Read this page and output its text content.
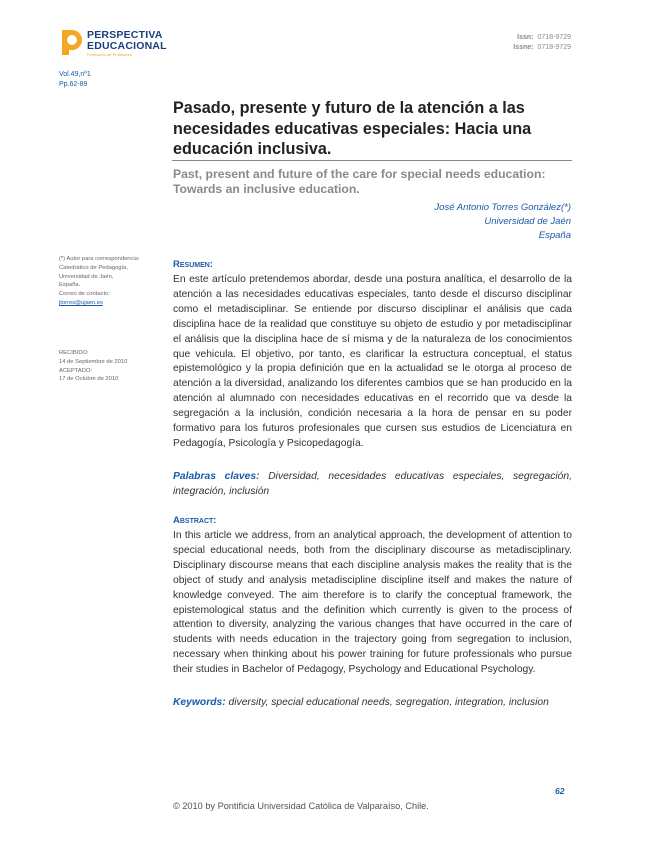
PERSPECTIVA
EDUCACIONAL
Formación de Profesores
Issn: 0718-9729
Issne: 0718-9729
Vol.49,nº1
Pp.62-89
Pasado, presente y futuro de la atención a las necesidades educativas especiales: Hacia una educación inclusiva.
Past, present and future of the care for special needs education: Towards an inclusive education.
José Antonio Torres González(*)
Universidad de Jaén
España
(*) Autor para correspondencia:
Catedrático de Pedagogía,
Universidad de Jaén,
España.
Correo de contacto:
jtorres@ujaen.es
RECIBIDO:
14 de Septiembre de 2010
ACEPTADO:
17 de Octubre de 2010
Resumen:
En este artículo pretendemos abordar, desde una postura analítica, el desarrollo de la atención a las necesidades educativas especiales, tanto desde el discurso disciplinar como el metadisciplinar. Se entiende por discurso disciplinar el análisis que cada disciplina hace de la realidad que constituye su objeto de estudio y por metadisciplinar el análisis que la disciplina hace de sí misma y de la naturaleza de los conocimientos que vehicula. El objetivo, por tanto, es clarificar la estructura conceptual, el status epistemológico y la propia definición que en la actualidad se le otorga al proceso de atención a la diversidad, analizando los diferentes cambios que se han producido en la atención al alumnado con necesidades educativas en el recorrido que va desde la segregación a la inclusión, condición necesaria a la hora de pensar en su poder formativo para los futuros profesionales que cursen sus estudios de Licenciatura en Pedagogía, Psicología y Psicopedagogía.
Palabras claves: Diversidad, necesidades educativas especiales, segregación, integración, inclusión
Abstract:
In this article we address, from an analytical approach, the development of attention to special educational needs, both from the disciplinary discourse as metadisciplinary. Disciplinary discourse means that each discipline analysis makes the reality that is the object of study and analysis metadiscipline discipline itself and makes the nature of knowledge conveyed. The aim therefore is to clarify the conceptual framework, the epistemological status and the definition which currently is given to the process of attention to diversity, analyzing the various changes that have occurred in the care of students with needs education in the trajectory going from segregation to inclusion, necessary when thinking about his power training for future professionals who pursue their studies in Bachelor of Pedagogy, Psychology and Educational Psychology.
Keywords: diversity, special educational needs, segregation, integration, inclusion
62
© 2010 by Pontificia Universidad Católica de Valparaíso, Chile.
